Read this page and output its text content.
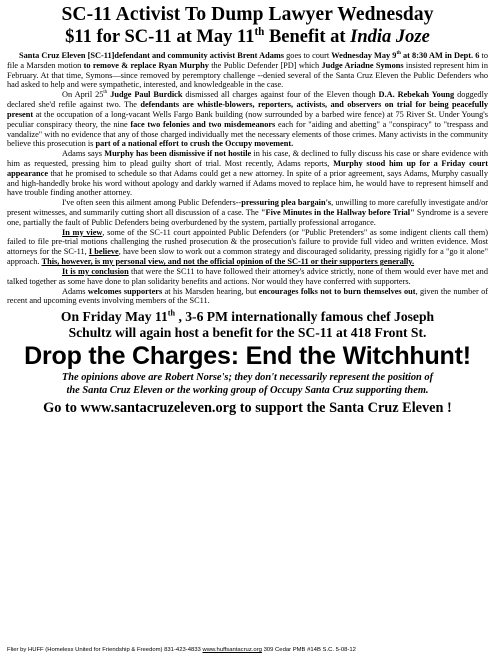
SC-11 Activist To Dump Lawyer Wednesday
$11 for SC-11 at May 11th Benefit at India Joze

Santa Cruz Eleven [SC-11]defendant and community activist Brent Adams goes to court Wednesday May 9th at 8:30 AM in Dept. 6 to file a Marsden motion to remove & replace Ryan Murphy the Public Defender [PD] which Judge Ariadne Symons insisted represent him in February. At that time, Symons—since removed by peremptory challenge --denied several of the Santa Cruz Eleven the Public Defenders who had asked to help and were sympathetic, interested, and knowledgeable in the case.

On April 25th Judge Paul Burdick dismissed all charges against four of the Eleven though D.A. Rebekah Young doggedly declared she'd refile against two. The defendants are whistle-blowers, reporters, activists, and observers on trial for being peacefully present at the occupation of a long-vacant Wells Fargo Bank building (now surrounded by a barbed wire fence) at 75 River St. Under Young's peculiar conspiracy theory, the nine face two felonies and two misdemeanors each for "aiding and abetting" a "conspiracy" to "trespass and vandalize" with no evidence that any of those charged individually met the necessary elements of those crimes. Many activists in the community believe this prosecution is part of a national effort to crush the Occupy movement.

Adams says Murphy has been dismissive if not hostile in his case, & declined to fully discuss his case or share evidence with him as requested, pressing him to plead guilty short of trial. Most recently, Adams reports, Murphy stood him up for a Friday court appearance that he promised to schedule so that Adams could get a new attorney. In spite of a prior agreement, says Adams, Murphy casually and high-handedly broke his word without apology and darkly warned if Adams moved to replace him, he would have to represent himself and have trouble finding another attorney.

I've often seen this ailment among Public Defenders--pressuring plea bargain's, unwilling to more carefully investigate and/or present witnesses, and summarily cutting short all discussion of a case. The "Five Minutes in the Hallway before Trial" Syndrome is a severe one, partially the fault of Public Defenders being overburdened by the system, partially professional arrogance.

In my view, some of the SC-11 court appointed Public Defenders (or "Public Pretenders" as some indigent clients call them) failed to file pre-trial motions challenging the rushed prosecution & the prosecution's failure to provide full video and written evidence. Most attorneys for the SC-11, I believe, have been slow to work out a common strategy and discouraged solidarity, pressing rigidly for a "go it alone" approach. This, however, is my personal view, and not the official opinion of the SC-11 or their supporters generally.

It is my conclusion that were the SC11 to have followed their attorney's advice strictly, none of them would ever have met and talked together as some have done to plan solidarity benefits and actions. Nor would they have conferred with supporters.

Adams welcomes supporters at his Marsden hearing, but encourages folks not to burn themselves out, given the number of recent and upcoming events involving members of the SC11.

On Friday May 11th , 3-6 PM internationally famous chef Joseph
Schultz will again host a benefit for the SC-11 at 418 Front St.
Drop the Charges: End the Witchhunt!
The opinions above are Robert Norse's; they don't necessarily represent the position of
the Santa Cruz Eleven or the working group of Occupy Santa Cruz supporting them.
Go to www.santacruzeleven.org to support the Santa Cruz Eleven !
Flier by HUFF (Homeless United for Friendship & Freedom) 831-423-4833 www.huffsantacruz.org 309 Cedar PMB #14B S.C. 5-08-12
